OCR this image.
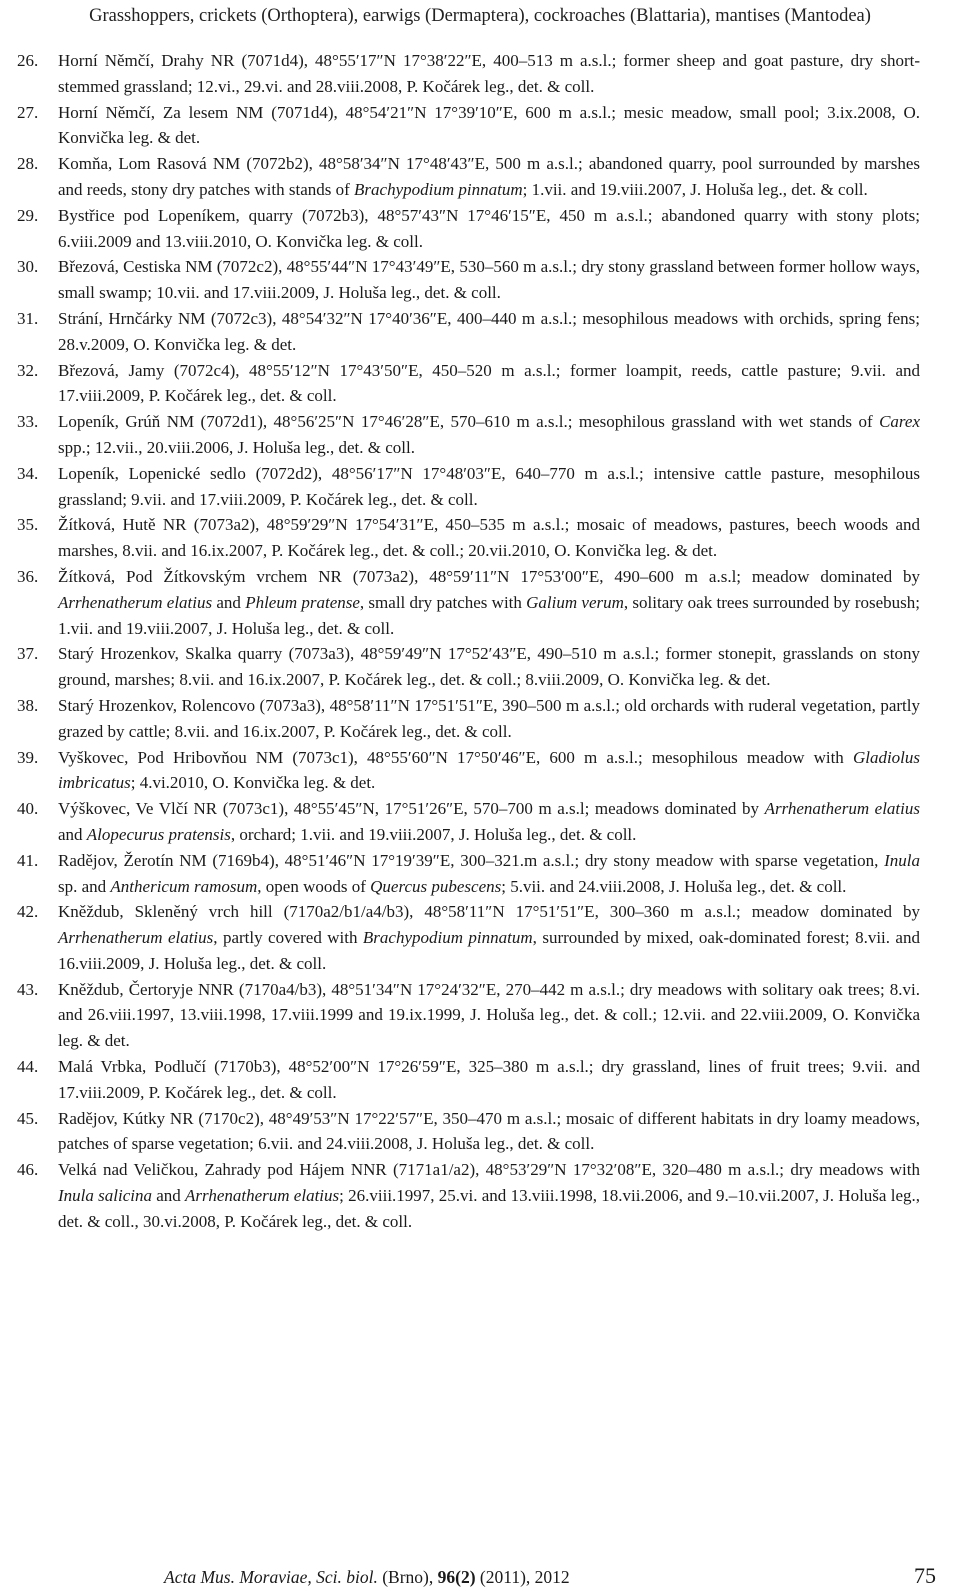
Grasshoppers, crickets (Orthoptera), earwigs (Dermaptera), cockroaches (Blattaria), mantises (Mantodea)
26. Horní Němčí, Drahy NR (7071d4), 48°55′17″N 17°38′22″E, 400–513 m a.s.l.; former sheep and goat pasture, dry short-stemmed grassland; 12.vi., 29.vi. and 28.viii.2008, P. Kočárek leg., det. & coll.
27. Horní Němčí, Za lesem NM (7071d4), 48°54′21″N 17°39′10″E, 600 m a.s.l.; mesic meadow, small pool; 3.ix.2008, O. Konvička leg. & det.
28. Komňa, Lom Rasová NM (7072b2), 48°58′34″N 17°48′43″E, 500 m a.s.l.; abandoned quarry, pool surrounded by marshes and reeds, stony dry patches with stands of Brachypodium pinnatum; 1.vii. and 19.viii.2007, J. Holuša leg., det. & coll.
29. Bystřice pod Lopeníkem, quarry (7072b3), 48°57′43″N 17°46′15″E, 450 m a.s.l.; abandoned quarry with stony plots; 6.viii.2009 and 13.viii.2010, O. Konvička leg. & coll.
30. Březová, Cestiska NM (7072c2), 48°55′44″N 17°43′49″E, 530–560 m a.s.l.; dry stony grassland between former hollow ways, small swamp; 10.vii. and 17.viii.2009, J. Holuša leg., det. & coll.
31. Strání, Hrnčárky NM (7072c3), 48°54′32″N 17°40′36″E, 400–440 m a.s.l.; mesophilous meadows with orchids, spring fens; 28.v.2009, O. Konvička leg. & det.
32. Březová, Jamy (7072c4), 48°55′12″N 17°43′50″E, 450–520 m a.s.l.; former loampit, reeds, cattle pasture; 9.vii. and 17.viii.2009, P. Kočárek leg., det. & coll.
33. Lopeník, Grúň NM (7072d1), 48°56′25″N 17°46′28″E, 570–610 m a.s.l.; mesophilous grassland with wet stands of Carex spp.; 12.vii., 20.viii.2006, J. Holuša leg., det. & coll.
34. Lopeník, Lopenické sedlo (7072d2), 48°56′17″N 17°48′03″E, 640–770 m a.s.l.; intensive cattle pasture, mesophilous grassland; 9.vii. and 17.viii.2009, P. Kočárek leg., det. & coll.
35. Žítková, Hutě NR (7073a2), 48°59′29″N 17°54′31″E, 450–535 m a.s.l.; mosaic of meadows, pastures, beech woods and marshes, 8.vii. and 16.ix.2007, P. Kočárek leg., det. & coll.; 20.vii.2010, O. Konvička leg. & det.
36. Žítková, Pod Žítkovským vrchem NR (7073a2), 48°59′11″N 17°53′00″E, 490–600 m a.s.l; meadow dominated by Arrhenatherum elatius and Phleum pratense, small dry patches with Galium verum, solitary oak trees surrounded by rosebush; 1.vii. and 19.viii.2007, J. Holuša leg., det. & coll.
37. Starý Hrozenkov, Skalka quarry (7073a3), 48°59′49″N 17°52′43″E, 490–510 m a.s.l.; former stonepit, grasslands on stony ground, marshes; 8.vii. and 16.ix.2007, P. Kočárek leg., det. & coll.; 8.viii.2009, O. Konvička leg. & det.
38. Starý Hrozenkov, Rolencovo (7073a3), 48°58′11″N 17°51′51″E, 390–500 m a.s.l.; old orchards with ruderal vegetation, partly grazed by cattle; 8.vii. and 16.ix.2007, P. Kočárek leg., det. & coll.
39. Vyškovec, Pod Hribovňou NM (7073c1), 48°55′60″N 17°50′46″E, 600 m a.s.l.; mesophilous meadow with Gladiolus imbricatus; 4.vi.2010, O. Konvička leg. & det.
40. Výškovec, Ve Vlčí NR (7073c1), 48°55′45″N, 17°51′26″E, 570–700 m a.s.l; meadows dominated by Arrhenatherum elatius and Alopecurus pratensis, orchard; 1.vii. and 19.viii.2007, J. Holuša leg., det. & coll.
41. Radějov, Žerotín NM (7169b4), 48°51′46″N 17°19′39″E, 300–321.m a.s.l.; dry stony meadow with sparse vegetation, Inula sp. and Anthericum ramosum, open woods of Quercus pubescens; 5.vii. and 24.viii.2008, J. Holuša leg., det. & coll.
42. Kněždub, Skleněný vrch hill (7170a2/b1/a4/b3), 48°58′11″N 17°51′51″E, 300–360 m a.s.l.; meadow dominated by Arrhenatherum elatius, partly covered with Brachypodium pinnatum, surrounded by mixed, oak-dominated forest; 8.vii. and 16.viii.2009, J. Holuša leg., det. & coll.
43. Kněždub, Čertoryje NNR (7170a4/b3), 48°51′34″N 17°24′32″E, 270–442 m a.s.l.; dry meadows with solitary oak trees; 8.vi. and 26.viii.1997, 13.viii.1998, 17.viii.1999 and 19.ix.1999, J. Holuša leg., det. & coll.; 12.vii. and 22.viii.2009, O. Konvička leg. & det.
44. Malá Vrbka, Podlučí (7170b3), 48°52′00″N 17°26′59″E, 325–380 m a.s.l.; dry grassland, lines of fruit trees; 9.vii. and 17.viii.2009, P. Kočárek leg., det. & coll.
45. Radějov, Kútky NR (7170c2), 48°49′53″N 17°22′57″E, 350–470 m a.s.l.; mosaic of different habitats in dry loamy meadows, patches of sparse vegetation; 6.vii. and 24.viii.2008, J. Holuša leg., det. & coll.
46. Velká nad Veličkou, Zahrady pod Hájem NNR (7171a1/a2), 48°53′29″N 17°32′08″E, 320–480 m a.s.l.; dry meadows with Inula salicina and Arrhenatherum elatius; 26.viii.1997, 25.vi. and 13.viii.1998, 18.vii.2006, and 9.–10.vii.2007, J. Holuša leg., det. & coll., 30.vi.2008, P. Kočárek leg., det. & coll.
Acta Mus. Moraviae, Sci. biol. (Brno), 96(2) (2011), 2012	75
